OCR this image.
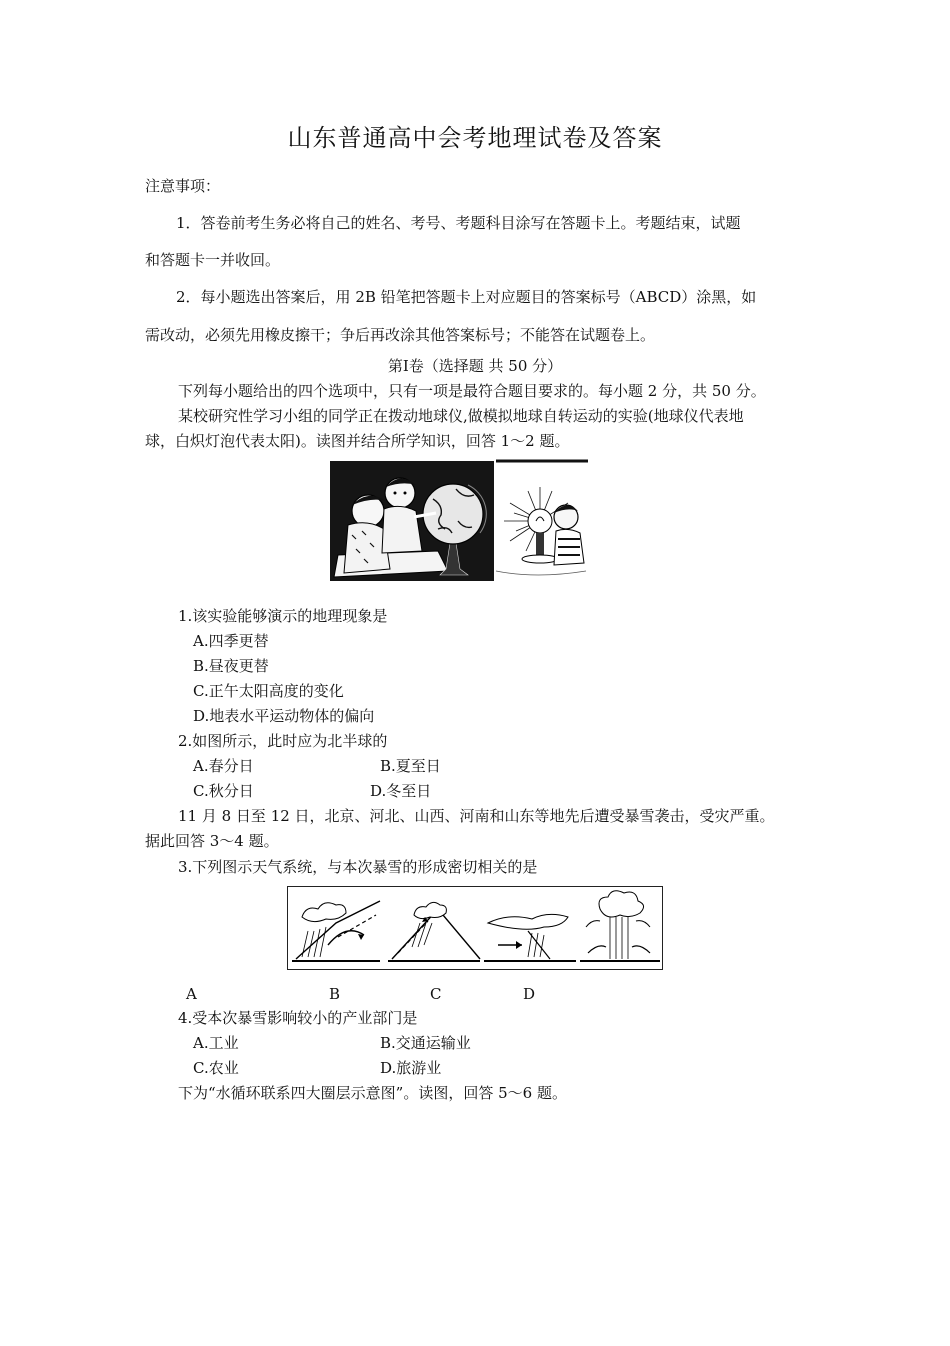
山东普通高中会考地理试卷及答案
注意事项：
1．答卷前考生务必将自己的姓名、考号、考题科目涂写在答题卡上。考题结束，试题
和答题卡一并收回。
2．每小题选出答案后，用 2B 铅笔把答题卡上对应题目的答案标号（ABCD）涂黑，如
需改动，必须先用橡皮擦干；争后再改涂其他答案标号；不能答在试题卷上。
第Ⅰ卷（选择题 共 50 分）
下列每小题给出的四个选项中，只有一项是最符合题目要求的。每小题 2 分，共 50 分。
某校研究性学习小组的同学正在拨动地球仪,做模拟地球自转运动的实验(地球仪代表地
球，白炽灯泡代表太阳)。读图并结合所学知识，回答 1～2 题。
1.该实验能够演示的地理现象是
A.四季更替
B.昼夜更替
C.正午太阳高度的变化
D.地表水平运动物体的偏向
2.如图所示，此时应为北半球的
A.春分日	B.夏至日
C.秋分日	D.冬至日
11 月 8 日至 12 日，北京、河北、山西、河南和山东等地先后遭受暴雪袭击，受灾严重。
据此回答 3～4 题。
3.下列图示天气系统，与本次暴雪的形成密切相关的是
A	B	C	D
4.受本次暴雪影响较小的产业部门是
A.工业	B.交通运输业
C.农业	D.旅游业
下为“水循环联系四大圈层示意图”。读图，回答 5～6 题。
